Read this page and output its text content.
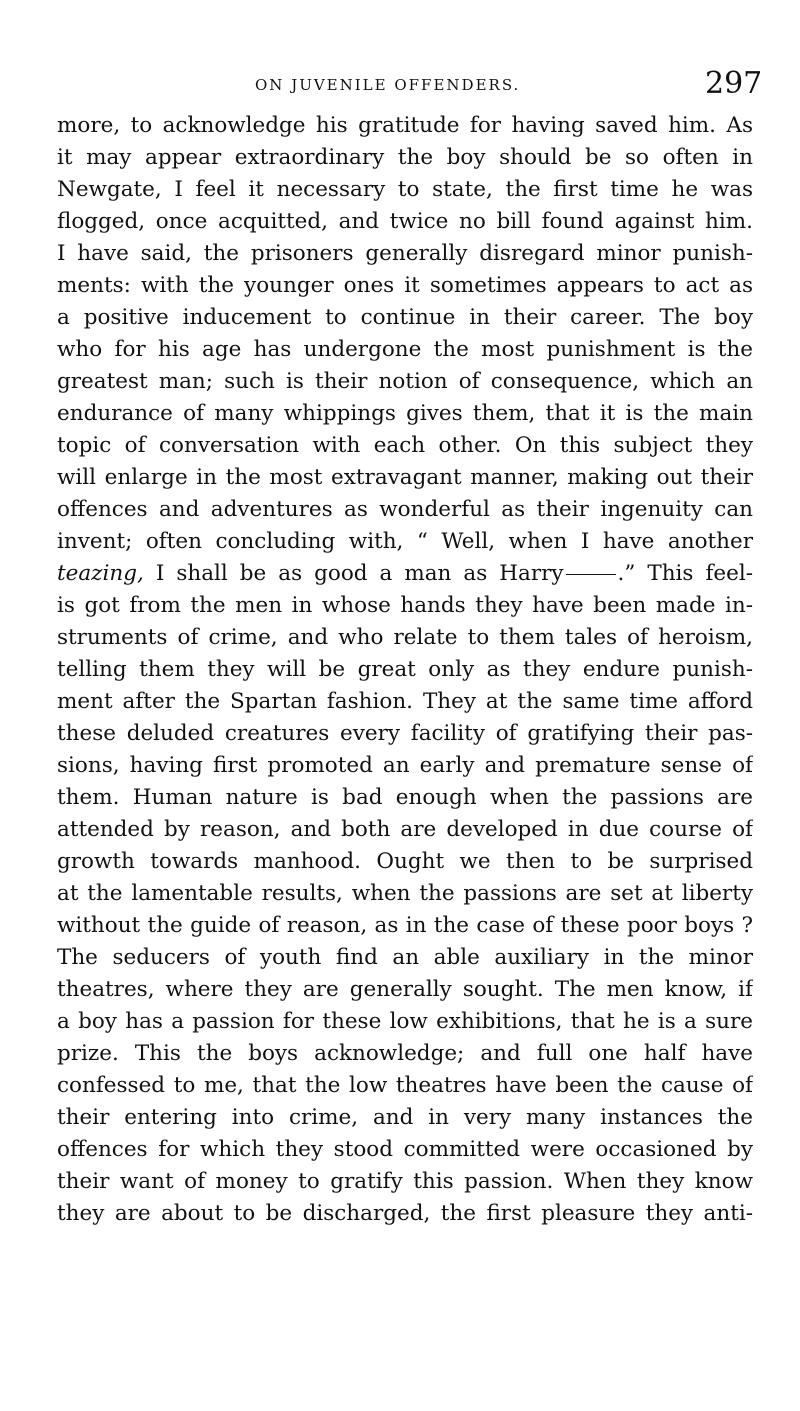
ON JUVENILE OFFENDERS.	297
more, to acknowledge his gratitude for having saved him. As
it may appear extraordinary the boy should be so often in
Newgate, I feel it necessary to state, the first time he was
flogged, once acquitted, and twice no bill found against him.
I have said, the prisoners generally disregard minor punish-
ments: with the younger ones it sometimes appears to act as
a positive inducement to continue in their career. The boy
who for his age has undergone the most punishment is the
greatest man; such is their notion of consequence, which an
endurance of many whippings gives them, that it is the main
topic of conversation with each other. On this subject they
will enlarge in the most extravagant manner, making out their
offences and adventures as wonderful as their ingenuity can
invent; often concluding with, “ Well, when I have another
teazing, I shall be as good a man as Harry	.” This feel-
is got from the men in whose hands they have been made in-
struments of crime, and who relate to them tales of heroism,
telling them they will be great only as they endure punish-
ment after the Spartan fashion. They at the same time afford
these deluded creatures every facility of gratifying their pas-
sions, having first promoted an early and premature sense of
them. Human nature is bad enough when the passions are
attended by reason, and both are developed in due course of
growth towards manhood. Ought we then to be surprised
at the lamentable results, when the passions are set at liberty
without the guide of reason, as in the case of these poor boys ?
The seducers of youth find an able auxiliary in the minor
theatres, where they are generally sought. The men know, if
a boy has a passion for these low exhibitions, that he is a sure
prize. This the boys acknowledge; and full one half have
confessed to me, that the low theatres have been the cause of
their entering into crime, and in very many instances the
offences for which they stood committed were occasioned by
their want of money to gratify this passion. When they know
they are about to be discharged, the first pleasure they anti-
